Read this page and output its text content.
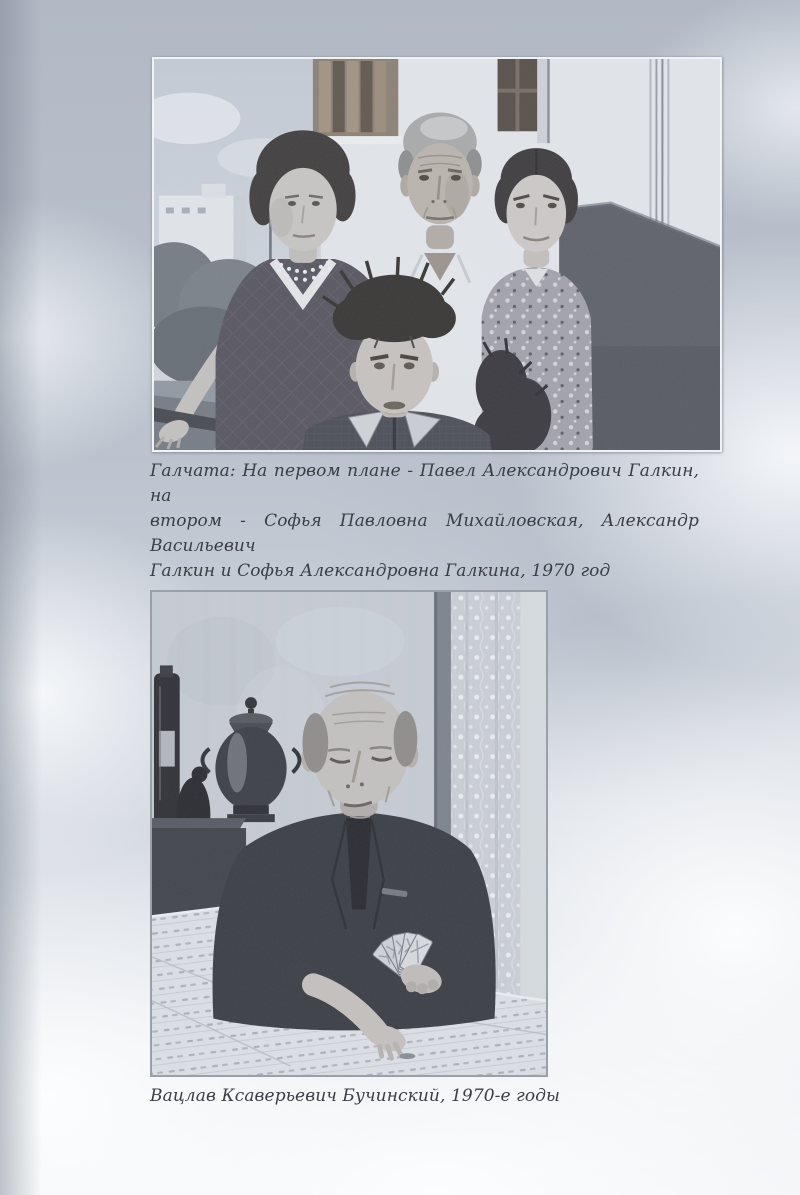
Галчата: На первом плане - Павел Александрович Галкин, на
втором - Софья Павловна Михайловская, Александр Васильевич
Галкин и Софья Александровна Галкина, 1970 год
Вацлав Ксаверьевич Бучинский, 1970-е годы
